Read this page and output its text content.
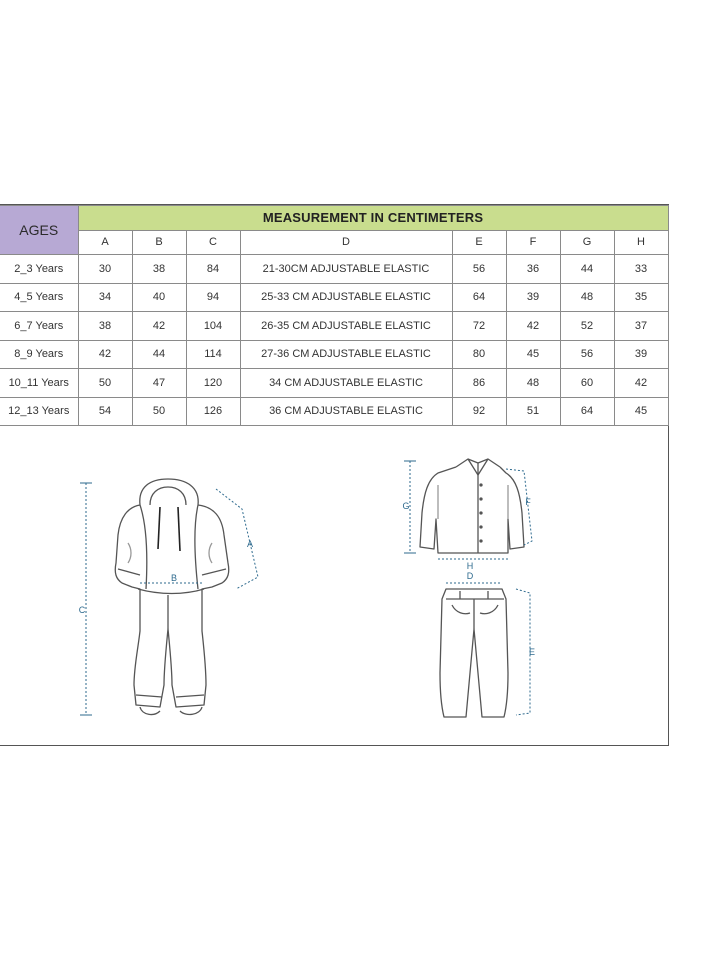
AGES	MEASUREMENT IN CENTIMETERS							
	A	B	C	D	E	F	G	H
2_3 Years	30	38	84	21-30CM ADJUSTABLE ELASTIC	56	36	44	33
4_5 Years	34	40	94	25-33 CM ADJUSTABLE ELASTIC	64	39	48	35
6_7 Years	38	42	104	26-35 CM ADJUSTABLE ELASTIC	72	42	52	37
8_9 Years	42	44	114	27-36 CM ADJUSTABLE ELASTIC	80	45	56	39
10_11 Years	50	47	120	34 CM ADJUSTABLE ELASTIC	86	48	60	42
12_13 Years	54	50	126	36 CM ADJUSTABLE ELASTIC	92	51	64	45
C
A
B
G	F
H
D
E
